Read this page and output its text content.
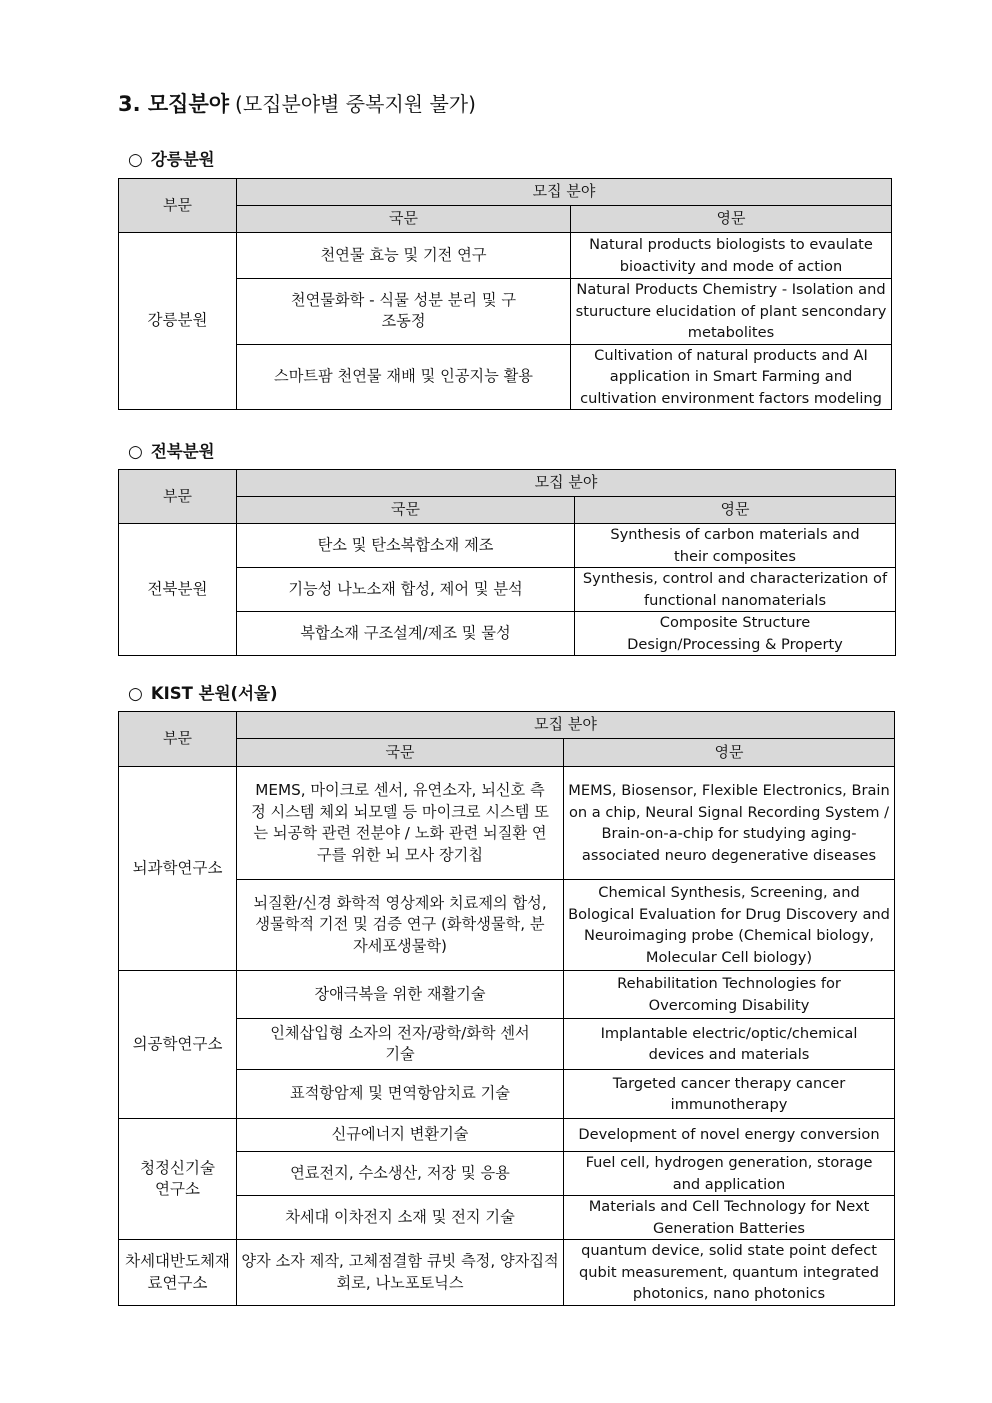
3. 모집분야 (모집분야별 중복지원 불가)
○ 강릉분원
부문	모집 분야	
	국문	영문
강릉분원	천연물 효능 및 기전 연구	Natural products biologists to evaulate bioactivity and mode of action
	천연물화학 - 식물 성분 분리 및 구조동정	Natural Products Chemistry - Isolation and sturucture elucidation of plant sencondary metabolites
	스마트팜 천연물 재배 및 인공지능 활용	Cultivation of natural products and AI application in Smart Farming and cultivation environment factors modeling
○ 전북분원
부문	모집 분야	
	국문	영문
전북분원	탄소 및 탄소복합소재 제조	Synthesis of carbon materials and their composites
	기능성 나노소재 합성, 제어 및 분석	Synthesis, control and characterization of functional nanomaterials
	복합소재 구조설계/제조 및 물성	Composite Structure Design/Processing & Property
○ KIST 본원(서울)
부문	모집 분야	
	국문	영문
뇌과학연구소	MEMS, 마이크로 센서, 유연소자, 뇌신호 측정 시스템 체외 뇌모델 등 마이크로 시스템 또는 뇌공학 관련 전분야 / 노화 관련 뇌질환 연구를 위한 뇌 모사 장기칩	MEMS, Biosensor, Flexible Electronics, Brain on a chip, Neural Signal Recording System / Brain-on-a-chip for studying aging-associated neuro degenerative diseases
	뇌질환/신경 화학적 영상제와 치료제의 합성, 생물학적 기전 및 검증 연구 (화학생물학, 분자세포생물학)	Chemical Synthesis, Screening, and Bological Evaluation for Drug Discovery and Neuroimaging probe (Chemical biology, Molecular Cell biology)
의공학연구소	장애극복을 위한 재활기술	Rehabilitation Technologies for Overcoming Disability
	인체삽입형 소자의 전자/광학/화학 센서 기술	Implantable electric/optic/chemical devices and materials
	표적항암제 및 면역항암치료 기술	Targeted cancer therapy cancer immunotherapy
청정신기술연구소	신규에너지 변환기술	Development of novel energy conversion
	연료전지, 수소생산, 저장 및 응용	Fuel cell, hydrogen generation, storage and application
	차세대 이차전지 소재 및 전지 기술	Materials and Cell Technology for Next Generation Batteries
차세대반도체재료연구소	양자 소자 제작, 고체점결함 큐빗 측정, 양자집적회로, 나노포토닉스	quantum device, solid state point defect qubit measurement, quantum integrated photonics, nano photonics
